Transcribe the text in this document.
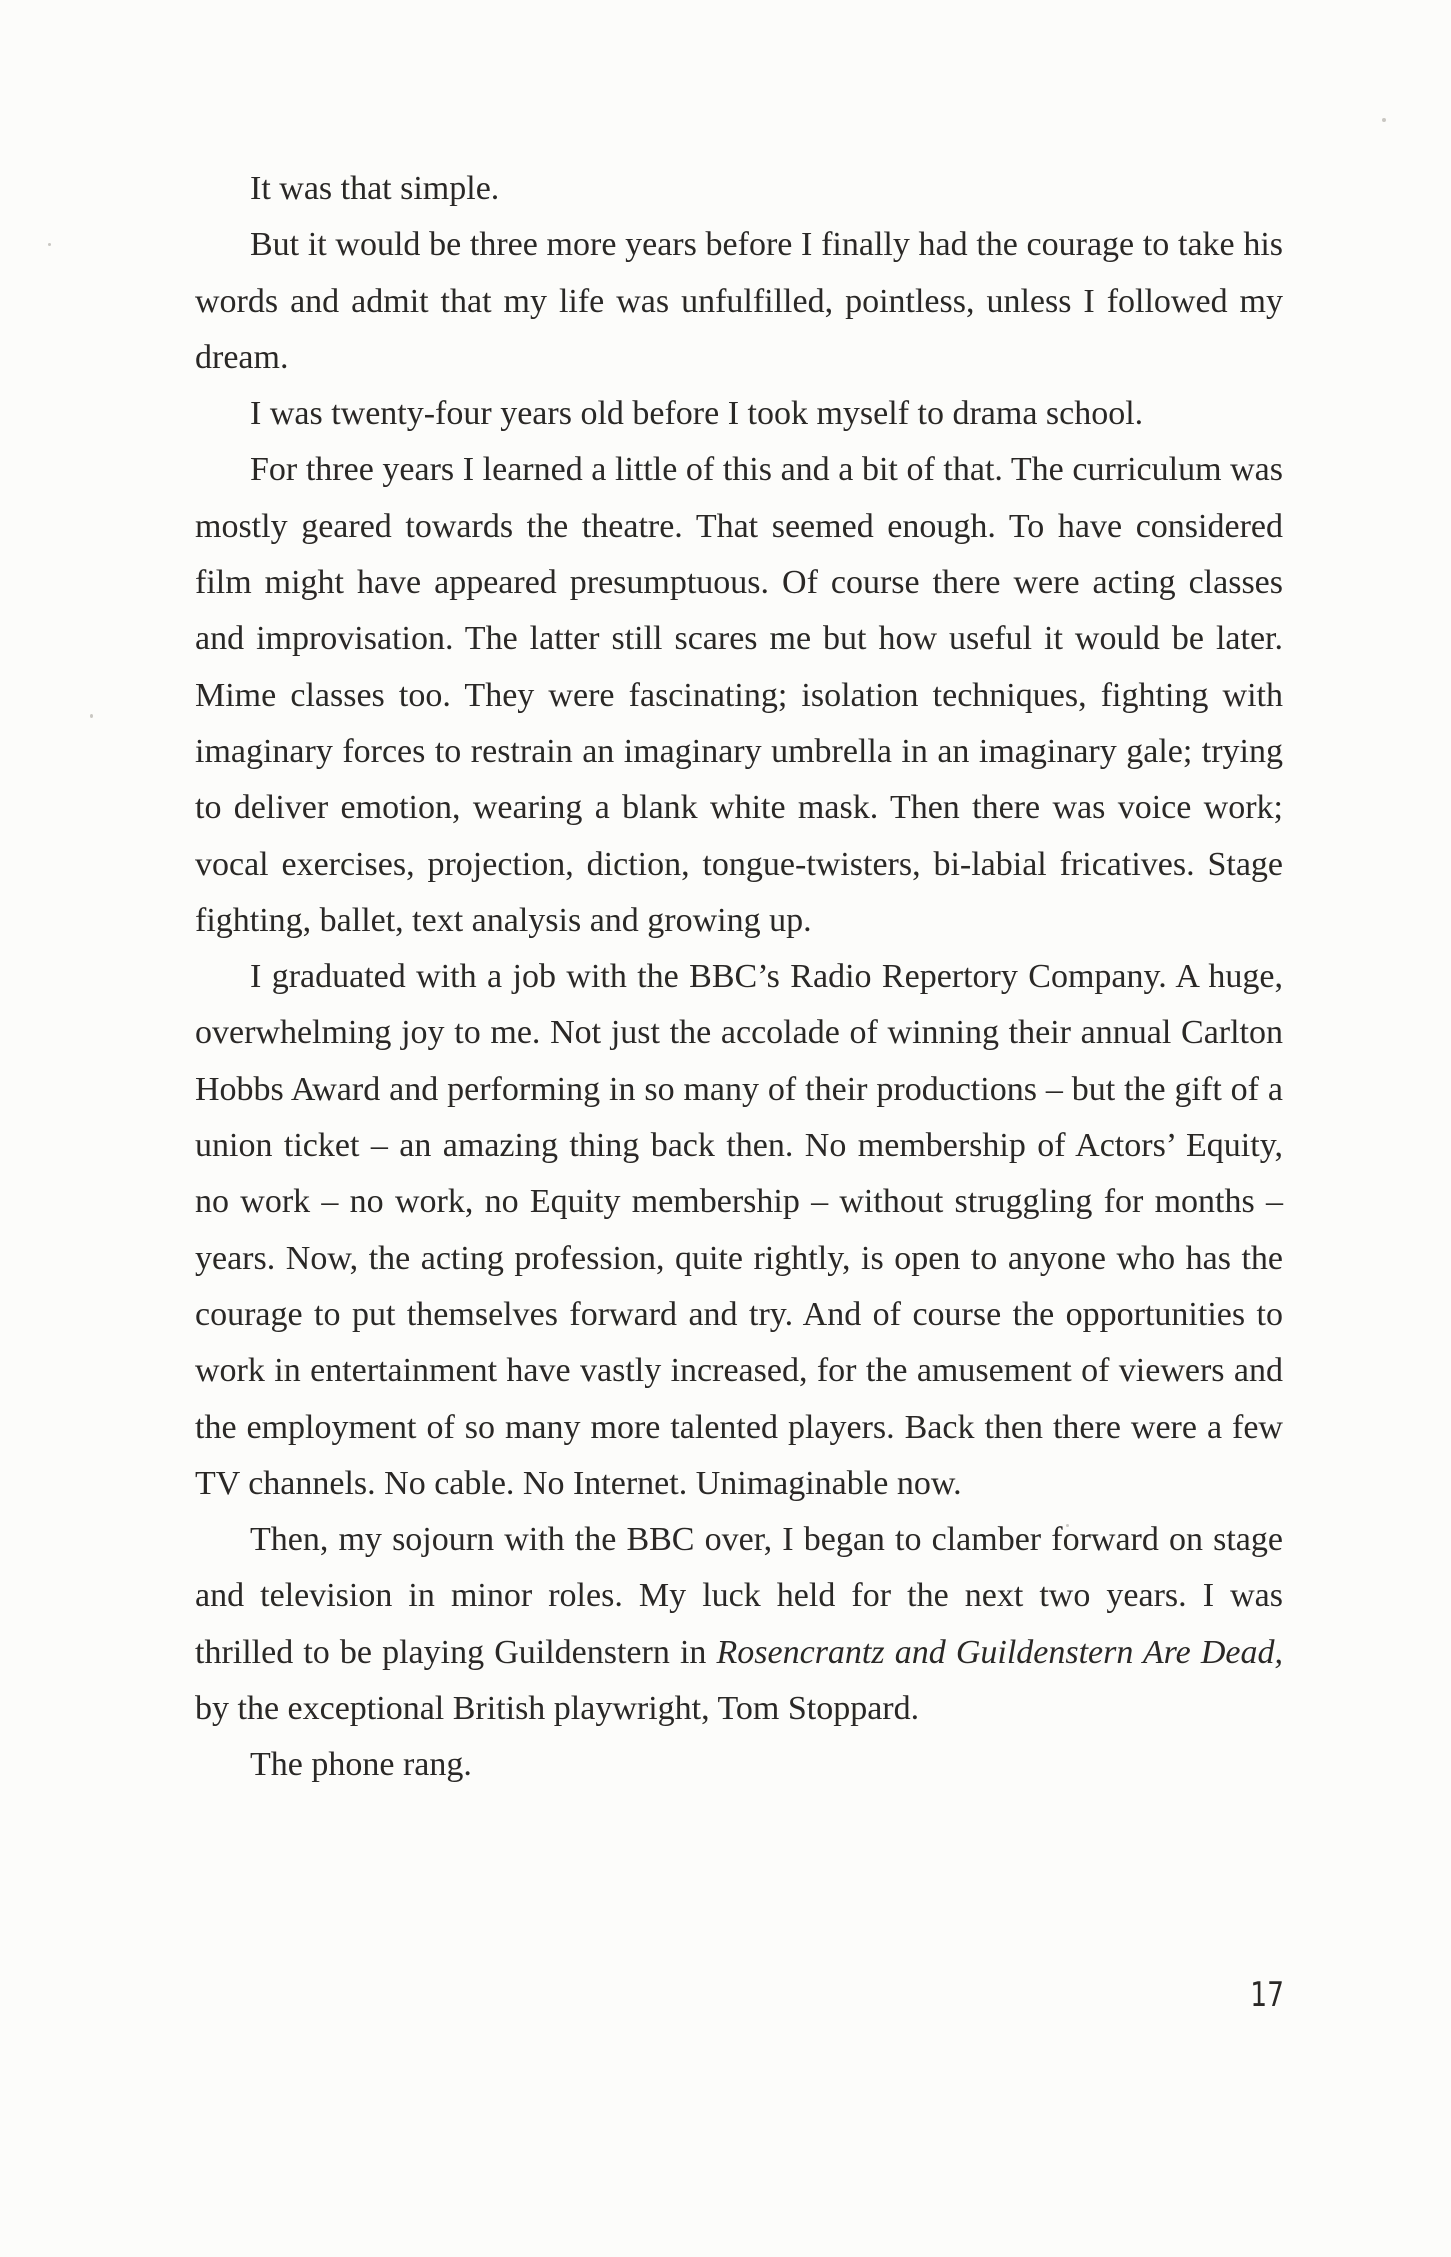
It was that simple.

But it would be three more years before I finally had the courage to take his words and admit that my life was unfulfilled, pointless, unless I followed my dream.

I was twenty-four years old before I took myself to drama school.

For three years I learned a little of this and a bit of that. The curriculum was mostly geared towards the theatre. That seemed enough. To have considered film might have appeared presumptuous. Of course there were acting classes and improvisation. The latter still scares me but how useful it would be later. Mime classes too. They were fascinating; isolation techniques, fighting with imaginary forces to restrain an imaginary umbrella in an imaginary gale; trying to deliver emotion, wearing a blank white mask. Then there was voice work; vocal exercises, projection, diction, tongue-twisters, bi-labial fricatives. Stage fighting, ballet, text analysis and growing up.

I graduated with a job with the BBC’s Radio Repertory Company. A huge, overwhelming joy to me. Not just the accolade of winning their annual Carlton Hobbs Award and performing in so many of their productions – but the gift of a union ticket – an amazing thing back then. No membership of Actors’ Equity, no work – no work, no Equity membership – without struggling for months – years. Now, the acting profession, quite rightly, is open to anyone who has the courage to put themselves forward and try. And of course the opportunities to work in entertainment have vastly increased, for the amusement of viewers and the employment of so many more talented players. Back then there were a few TV channels. No cable. No Internet. Unimaginable now.

Then, my sojourn with the BBC over, I began to clamber forward on stage and television in minor roles. My luck held for the next two years. I was thrilled to be playing Guildenstern in Rosencrantz and Guildenstern Are Dead, by the exceptional British playwright, Tom Stoppard.

The phone rang.

17
